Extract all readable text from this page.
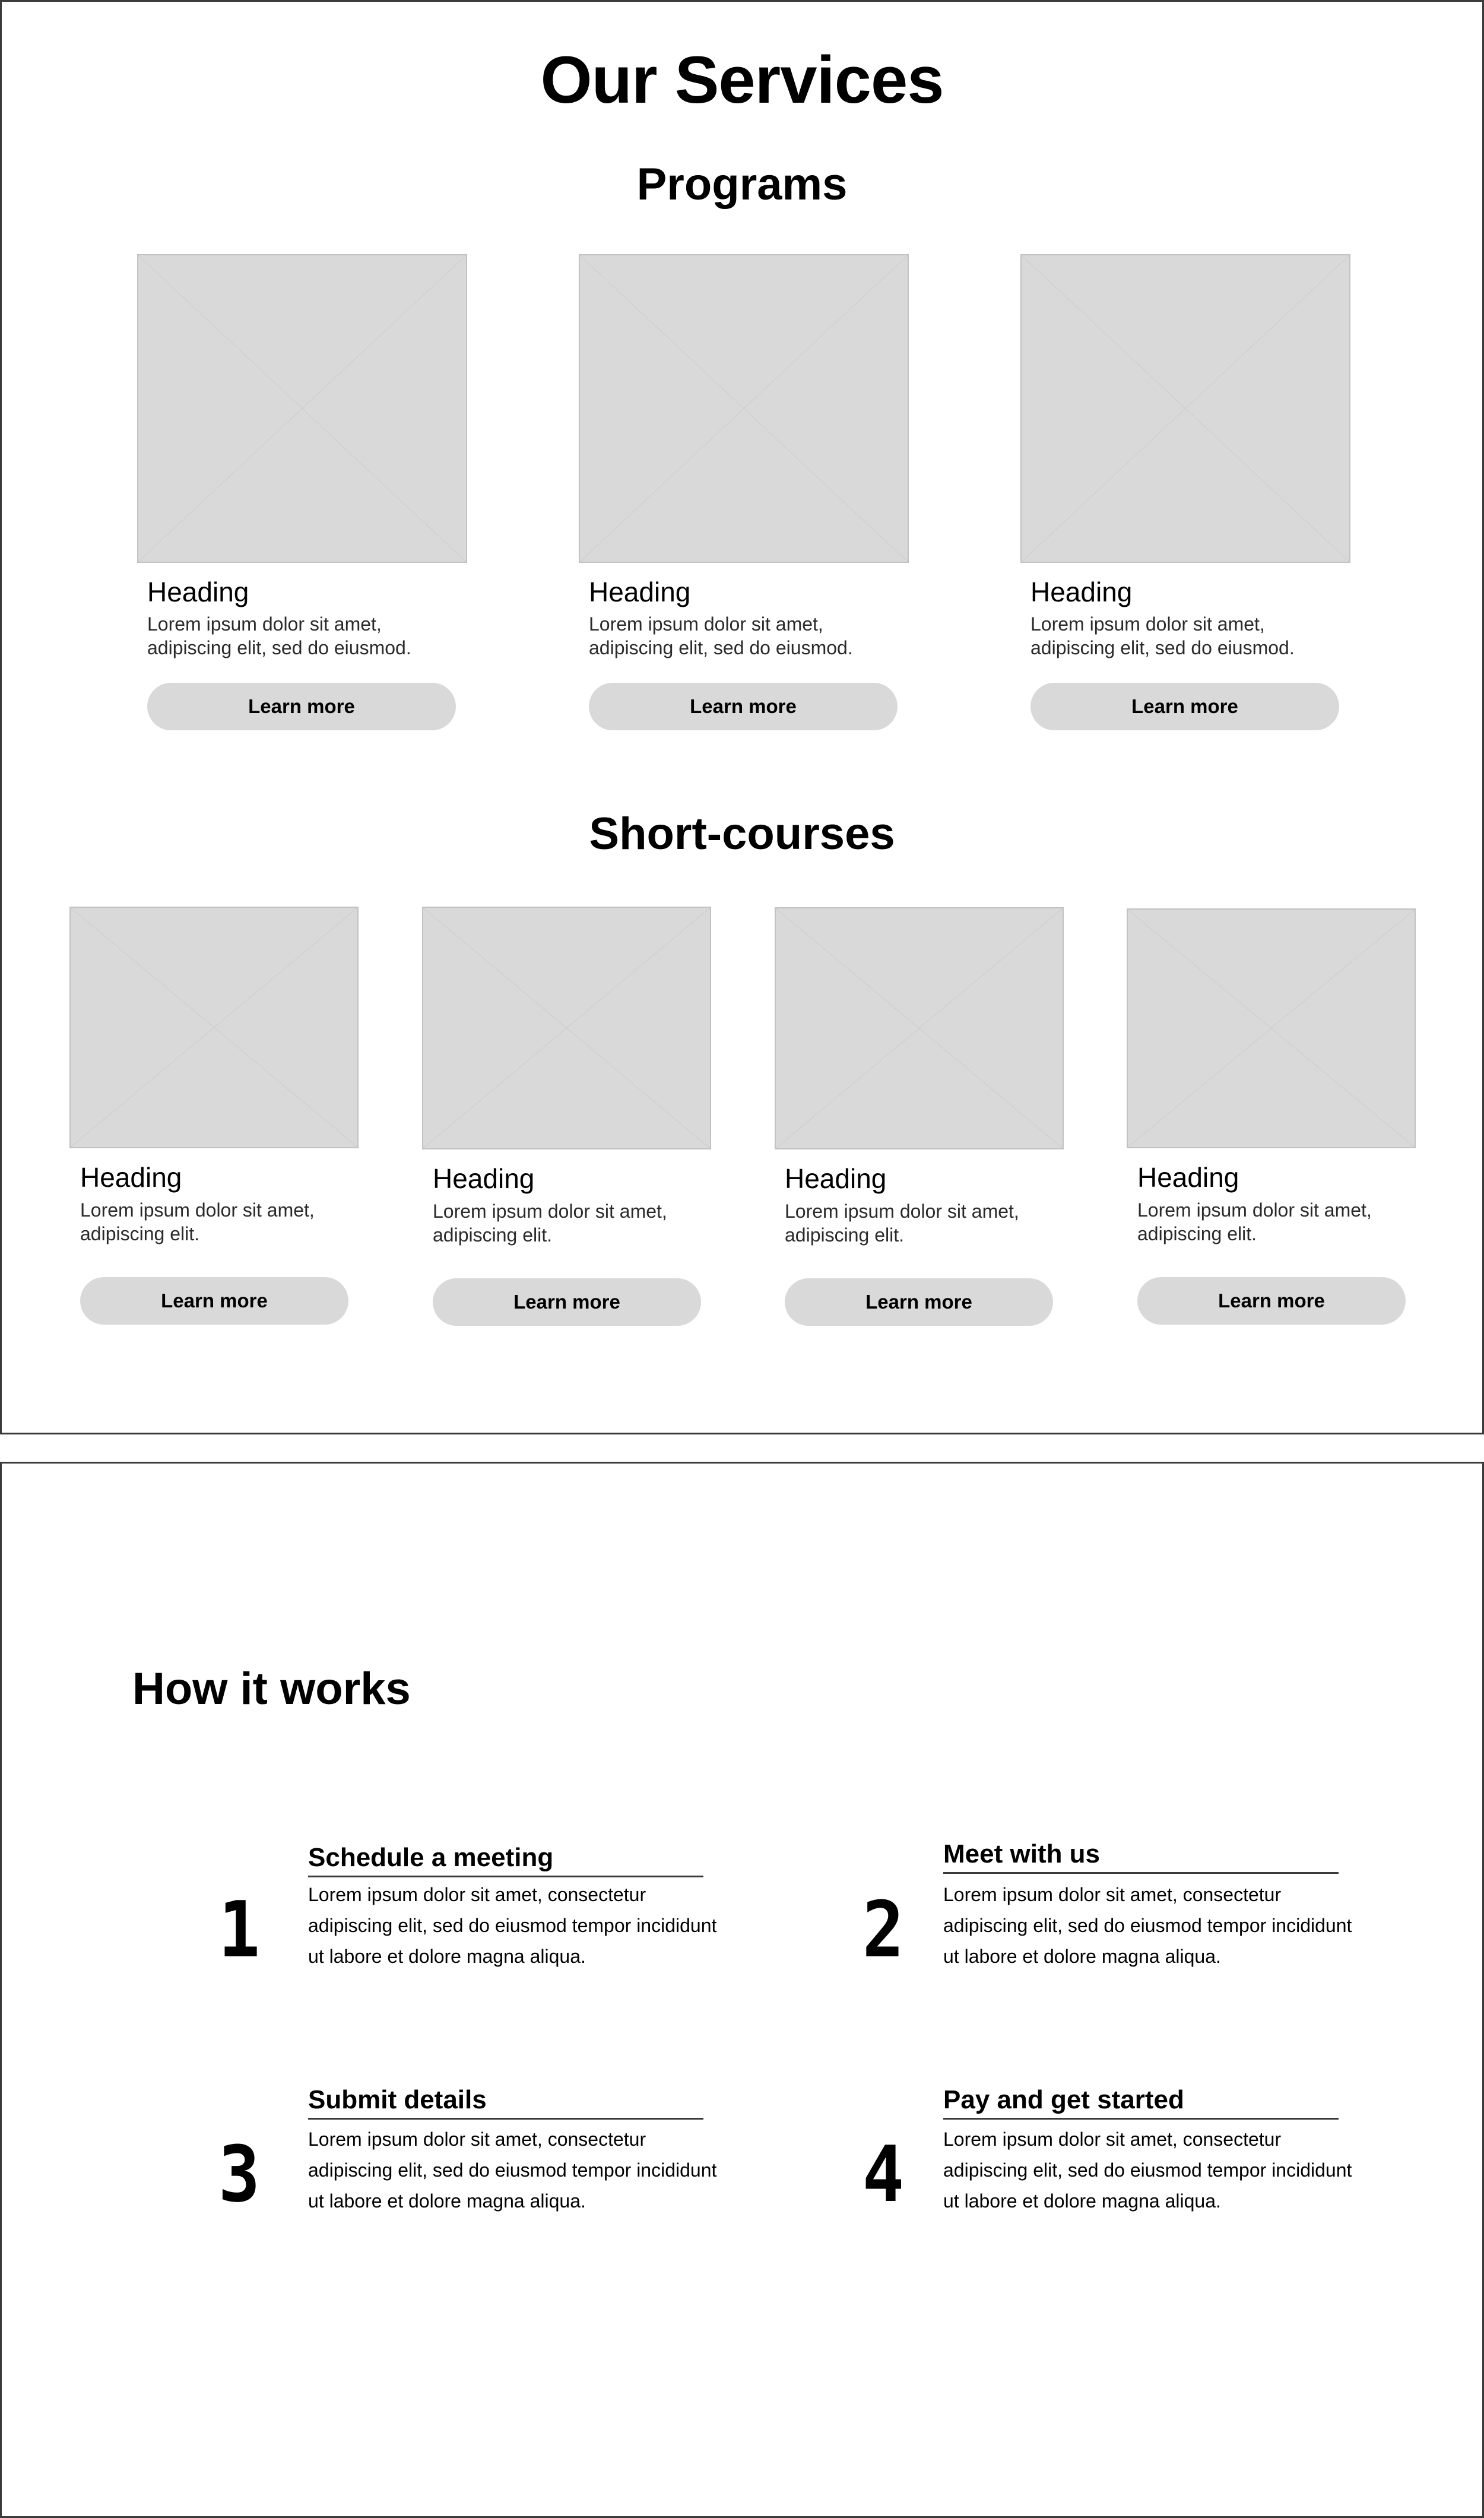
Our Services
Programs
Heading
Lorem ipsum dolor sit amet, adipiscing elit, sed do eiusmod.
Learn more
Heading
Lorem ipsum dolor sit amet, adipiscing elit, sed do eiusmod.
Learn more
Heading
Lorem ipsum dolor sit amet, adipiscing elit, sed do eiusmod.
Learn more
Short-courses
Heading
Lorem ipsum dolor sit amet, adipiscing elit.
Learn more
Heading
Lorem ipsum dolor sit amet, adipiscing elit.
Learn more
Heading
Lorem ipsum dolor sit amet, adipiscing elit.
Learn more
Heading
Lorem ipsum dolor sit amet, adipiscing elit.
Learn more
How it works
1
Schedule a meeting
Lorem ipsum dolor sit amet, consectetur adipiscing elit, sed do eiusmod tempor incididunt ut labore et dolore magna aliqua.	2
Meet with us
Lorem ipsum dolor sit amet, consectetur adipiscing elit, sed do eiusmod tempor incididunt ut labore et dolore magna aliqua.
3
Submit details
Lorem ipsum dolor sit amet, consectetur adipiscing elit, sed do eiusmod tempor incididunt ut labore et dolore magna aliqua.	4
Pay and get started
Lorem ipsum dolor sit amet, consectetur adipiscing elit, sed do eiusmod tempor incididunt ut labore et dolore magna aliqua.
